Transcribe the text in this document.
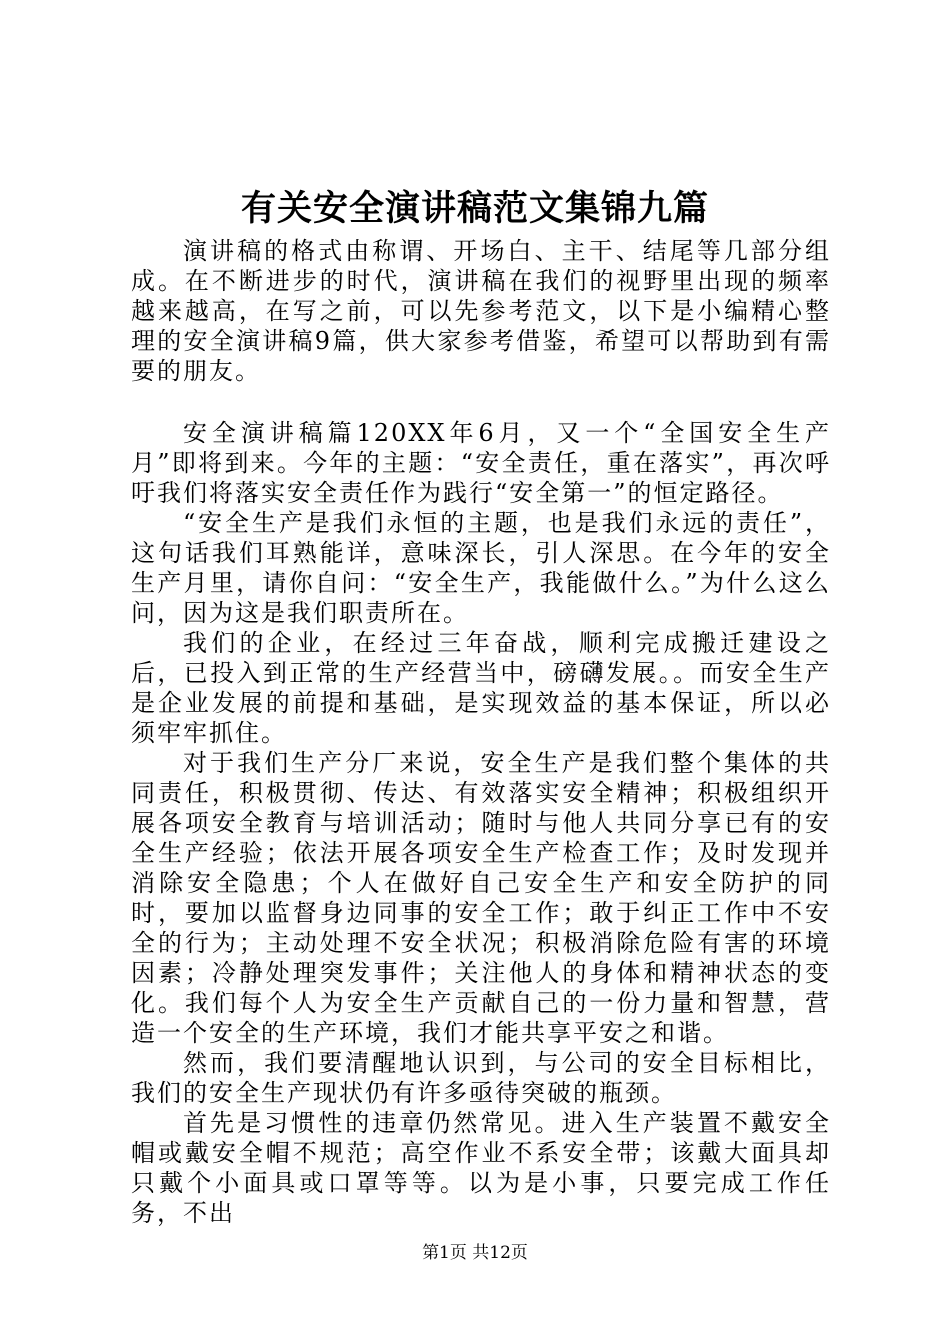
有关安全演讲稿范文集锦九篇

演讲稿的格式由称谓、开场白、主干、结尾等几部分组成。在不断进步的时代，演讲稿在我们的视野里出现的频率越来越高，在写之前，可以先参考范文，以下是小编精心整理的安全演讲稿9篇，供大家参考借鉴，希望可以帮助到有需要的朋友。

安全演讲稿篇120XX年6月，又一个“全国安全生产月”即将到来。今年的主题：“安全责任，重在落实”，再次呼吁我们将落实安全责任作为践行“安全第一”的恒定路径。

“安全生产是我们永恒的主题，也是我们永远的责任”，这句话我们耳熟能详，意味深长，引人深思。在今年的安全生产月里，请你自问：“安全生产，我能做什么。”为什么这么问，因为这是我们职责所在。

我们的企业，在经过三年奋战，顺利完成搬迁建设之后，已投入到正常的生产经营当中，磅礴发展。。而安全生产是企业发展的前提和基础，是实现效益的基本保证，所以必须牢牢抓住。

对于我们生产分厂来说，安全生产是我们整个集体的共同责任，积极贯彻、传达、有效落实安全精神；积极组织开展各项安全教育与培训活动；随时与他人共同分享已有的安全生产经验；依法开展各项安全生产检查工作；及时发现并消除安全隐患；个人在做好自己安全生产和安全防护的同时，要加以监督身边同事的安全工作；敢于纠正工作中不安全的行为；主动处理不安全状况；积极消除危险有害的环境因素；冷静处理突发事件；关注他人的身体和精神状态的变化。我们每个人为安全生产贡献自己的一份力量和智慧，营造一个安全的生产环境，我们才能共享平安之和谐。

然而，我们要清醒地认识到，与公司的安全目标相比，我们的安全生产现状仍有许多亟待突破的瓶颈。

首先是习惯性的违章仍然常见。进入生产装置不戴安全帽或戴安全帽不规范；高空作业不系安全带；该戴大面具却只戴个小面具或口罩等等。以为是小事，只要完成工作任务，不出

第1页 共12页
